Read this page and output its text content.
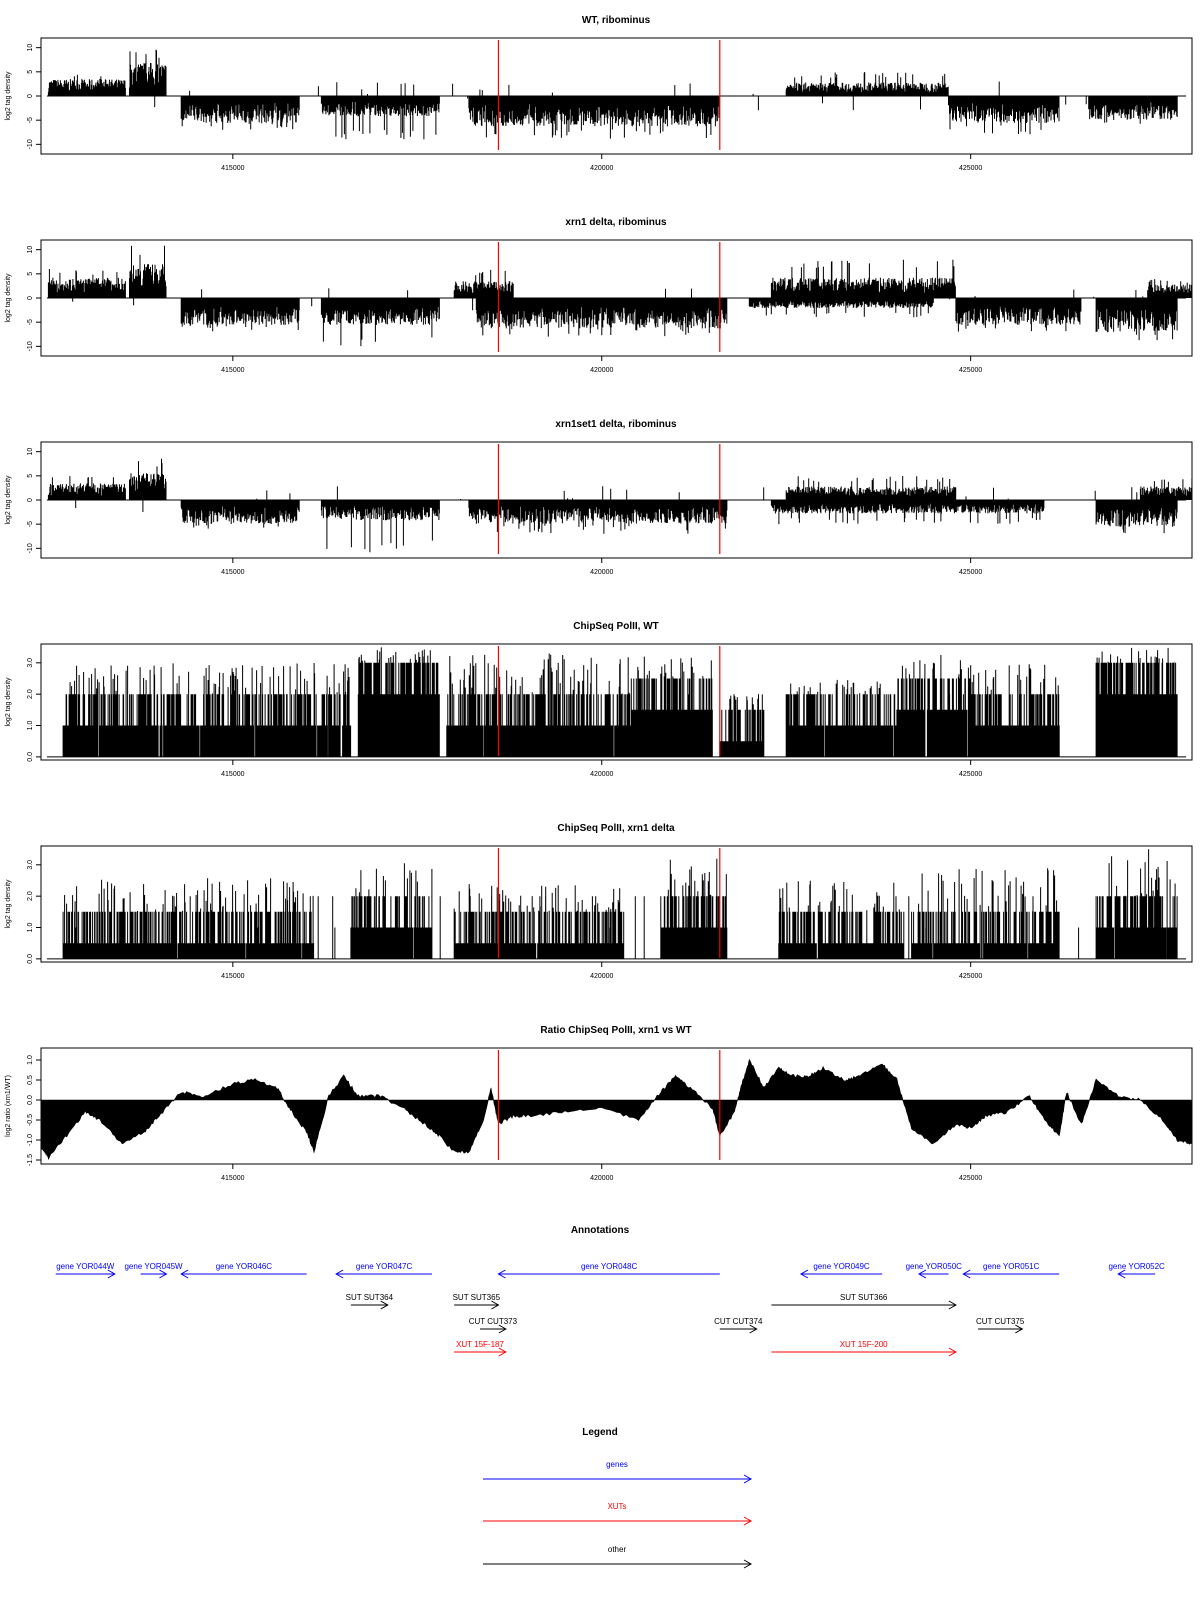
WT, ribominus
log2 tag density
-10
-5
0
5
10
415000	420000	425000
xrn1 delta, ribominus
log2 tag density
-10
-5
0
5
10
415000	420000	425000
xrn1set1 delta, ribominus
log2 tag density
-10
-5
0
5
10
415000	420000	425000
ChipSeq PolII, WT
log2 tag density
0.0
1.0
2.0
3.0
415000	420000	425000
ChipSeq PolII, xrn1 delta
log2 tag density
0.0
1.0
2.0
3.0
415000	420000	425000
Ratio ChipSeq PolII, xrn1 vs WT
log2 ratio (xrn1/WT)
-1.5
-1.0
-0.5
0.0
0.5
1.0
415000	420000	425000
Annotations
gene YOR044W gene YOR045W	gene YOR046C	gene YOR047C	gene YOR048C	gene YOR049C	gene YOR050C	gene YOR051C	gene YOR052C
SUT SUT364	SUT SUT365	SUT SUT366
CUT CUT373	CUT CUT374	CUT CUT375
XUT 15F-187	XUT 15F-200
Legend
genes
XUTs
other
